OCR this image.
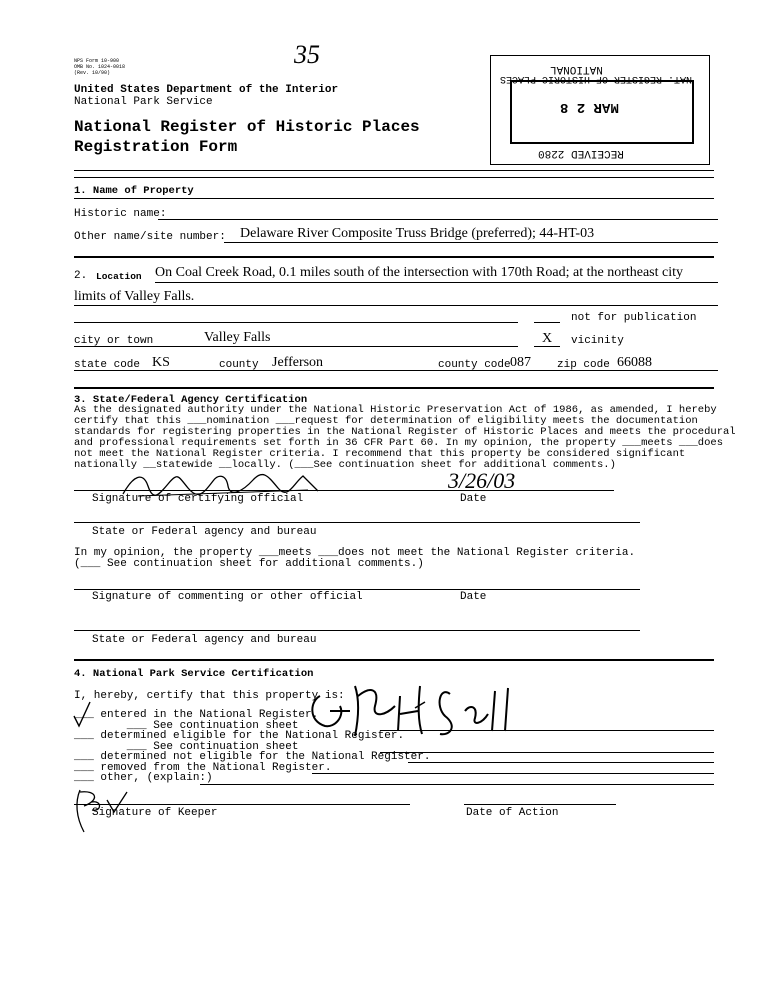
NPS Form 10-900
OMB No. 1024-0018
(Rev. 10/90)
35
United States Department of the Interior
National Park Service
National Register of Historic Places
Registration Form
NATIONAL
NAT. REGISTER OF HISTORIC PLACES
MAR 2 8
RECEIVED 2280
1. Name of Property
Historic name:
Other name/site number: Delaware River Composite Truss Bridge (preferred); 44-HT-03
2. Location On Coal Creek Road, 0.1 miles south of the intersection with 170th Road; at the northeast city
limits of Valley Falls.
not for publication
city or town	Valley Falls	X vicinity
state code KS	county Jefferson	county code 087 zip code 66088
3. State/Federal Agency Certification
As the designated authority under the National Historic Preservation Act of 1986, as amended, I hereby
certify that this ___nomination ___request for determination of eligibility meets the documentation
standards for registering properties in the National Register of Historic Places and meets the procedural
and professional requirements set forth in 36 CFR Part 60. In my opinion, the property ___meets ___does
not meet the National Register criteria. I recommend that this property be considered significant
nationally __statewide __locally. (___See continuation sheet for additional comments.)
3/26/03
Signature of certifying official	Date
State or Federal agency and bureau
In my opinion, the property ___meets ___does not meet the National Register criteria.
(___ See continuation sheet for additional comments.)
Signature of commenting or other official	Date
State or Federal agency and bureau
4. National Park Service Certification
I, hereby, certify that this property is:
___ entered in the National Register.
___ See continuation sheet
___ determined eligible for the National Register.
___ See continuation sheet
___ determined not eligible for the National Register.
___ removed from the National Register.
___ other, (explain:)
Signature of Keeper	Date of Action
